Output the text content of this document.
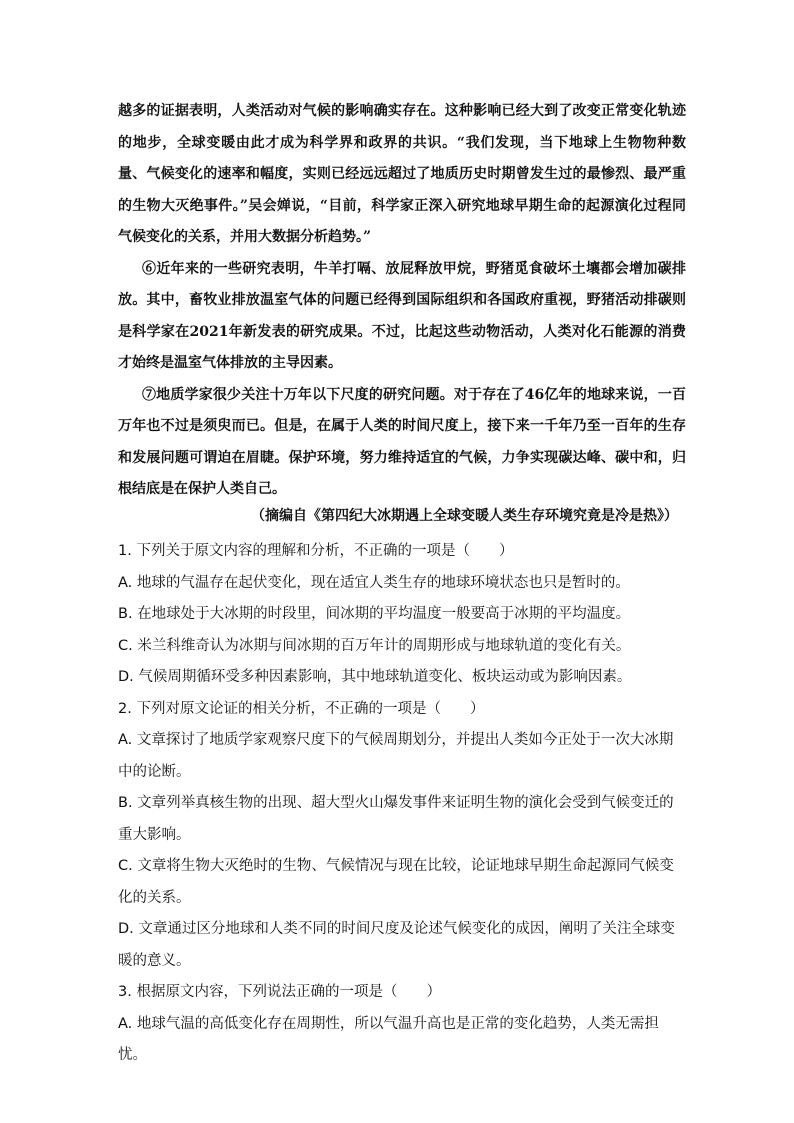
越多的证据表明，人类活动对气候的影响确实存在。这种影响已经大到了改变正常变化轨迹的地步，全球变暖由此才成为科学界和政界的共识。“我们发现，当下地球上生物物种数量、气候变化的速率和幅度，实则已经远远超过了地质历史时期曾发生过的最惨烈、最严重的生物大灭绝事件。”吴会婵说，“目前，科学家正深入研究地球早期生命的起源演化过程同气候变化的关系，并用大数据分析趋势。”

⑥近年来的一些研究表明，牛羊打嗝、放屁释放甲烷，野猪觅食破坏土壤都会增加碳排放。其中，畜牧业排放温室气体的问题已经得到国际组织和各国政府重视，野猪活动排碳则是科学家在2021年新发表的研究成果。不过，比起这些动物活动，人类对化石能源的消费才始终是温室气体排放的主导因素。

⑦地质学家很少关注十万年以下尺度的研究问题。对于存在了46亿年的地球来说，一百万年也不过是须臾而已。但是，在属于人类的时间尺度上，接下来一千年乃至一百年的生存和发展问题可谓迫在眉睫。保护环境，努力维持适宜的气候，力争实现碳达峰、碳中和，归根结底是在保护人类自己。

（摘编自《第四纪大冰期遇上全球变暖人类生存环境究竟是冷是热》）

1. 下列关于原文内容的理解和分析，不正确的一项是（　　）

A. 地球的气温存在起伏变化，现在适宜人类生存的地球环境状态也只是暂时的。

B. 在地球处于大冰期的时段里，间冰期的平均温度一般要高于冰期的平均温度。

C. 米兰科维奇认为冰期与间冰期的百万年计的周期形成与地球轨道的变化有关。

D. 气候周期循环受多种因素影响，其中地球轨道变化、板块运动或为影响因素。

2. 下列对原文论证的相关分析，不正确的一项是（　　）

A. 文章探讨了地质学家观察尺度下的气候周期划分，并提出人类如今正处于一次大冰期中的论断。

B. 文章列举真核生物的出现、超大型火山爆发事件来证明生物的演化会受到气候变迁的重大影响。

C. 文章将生物大灭绝时的生物、气候情况与现在比较，论证地球早期生命起源同气候变化的关系。

D. 文章通过区分地球和人类不同的时间尺度及论述气候变化的成因，阐明了关注全球变暖的意义。

3. 根据原文内容，下列说法正确的一项是（　　）

A. 地球气温的高低变化存在周期性，所以气温升高也是正常的变化趋势，人类无需担忧。
